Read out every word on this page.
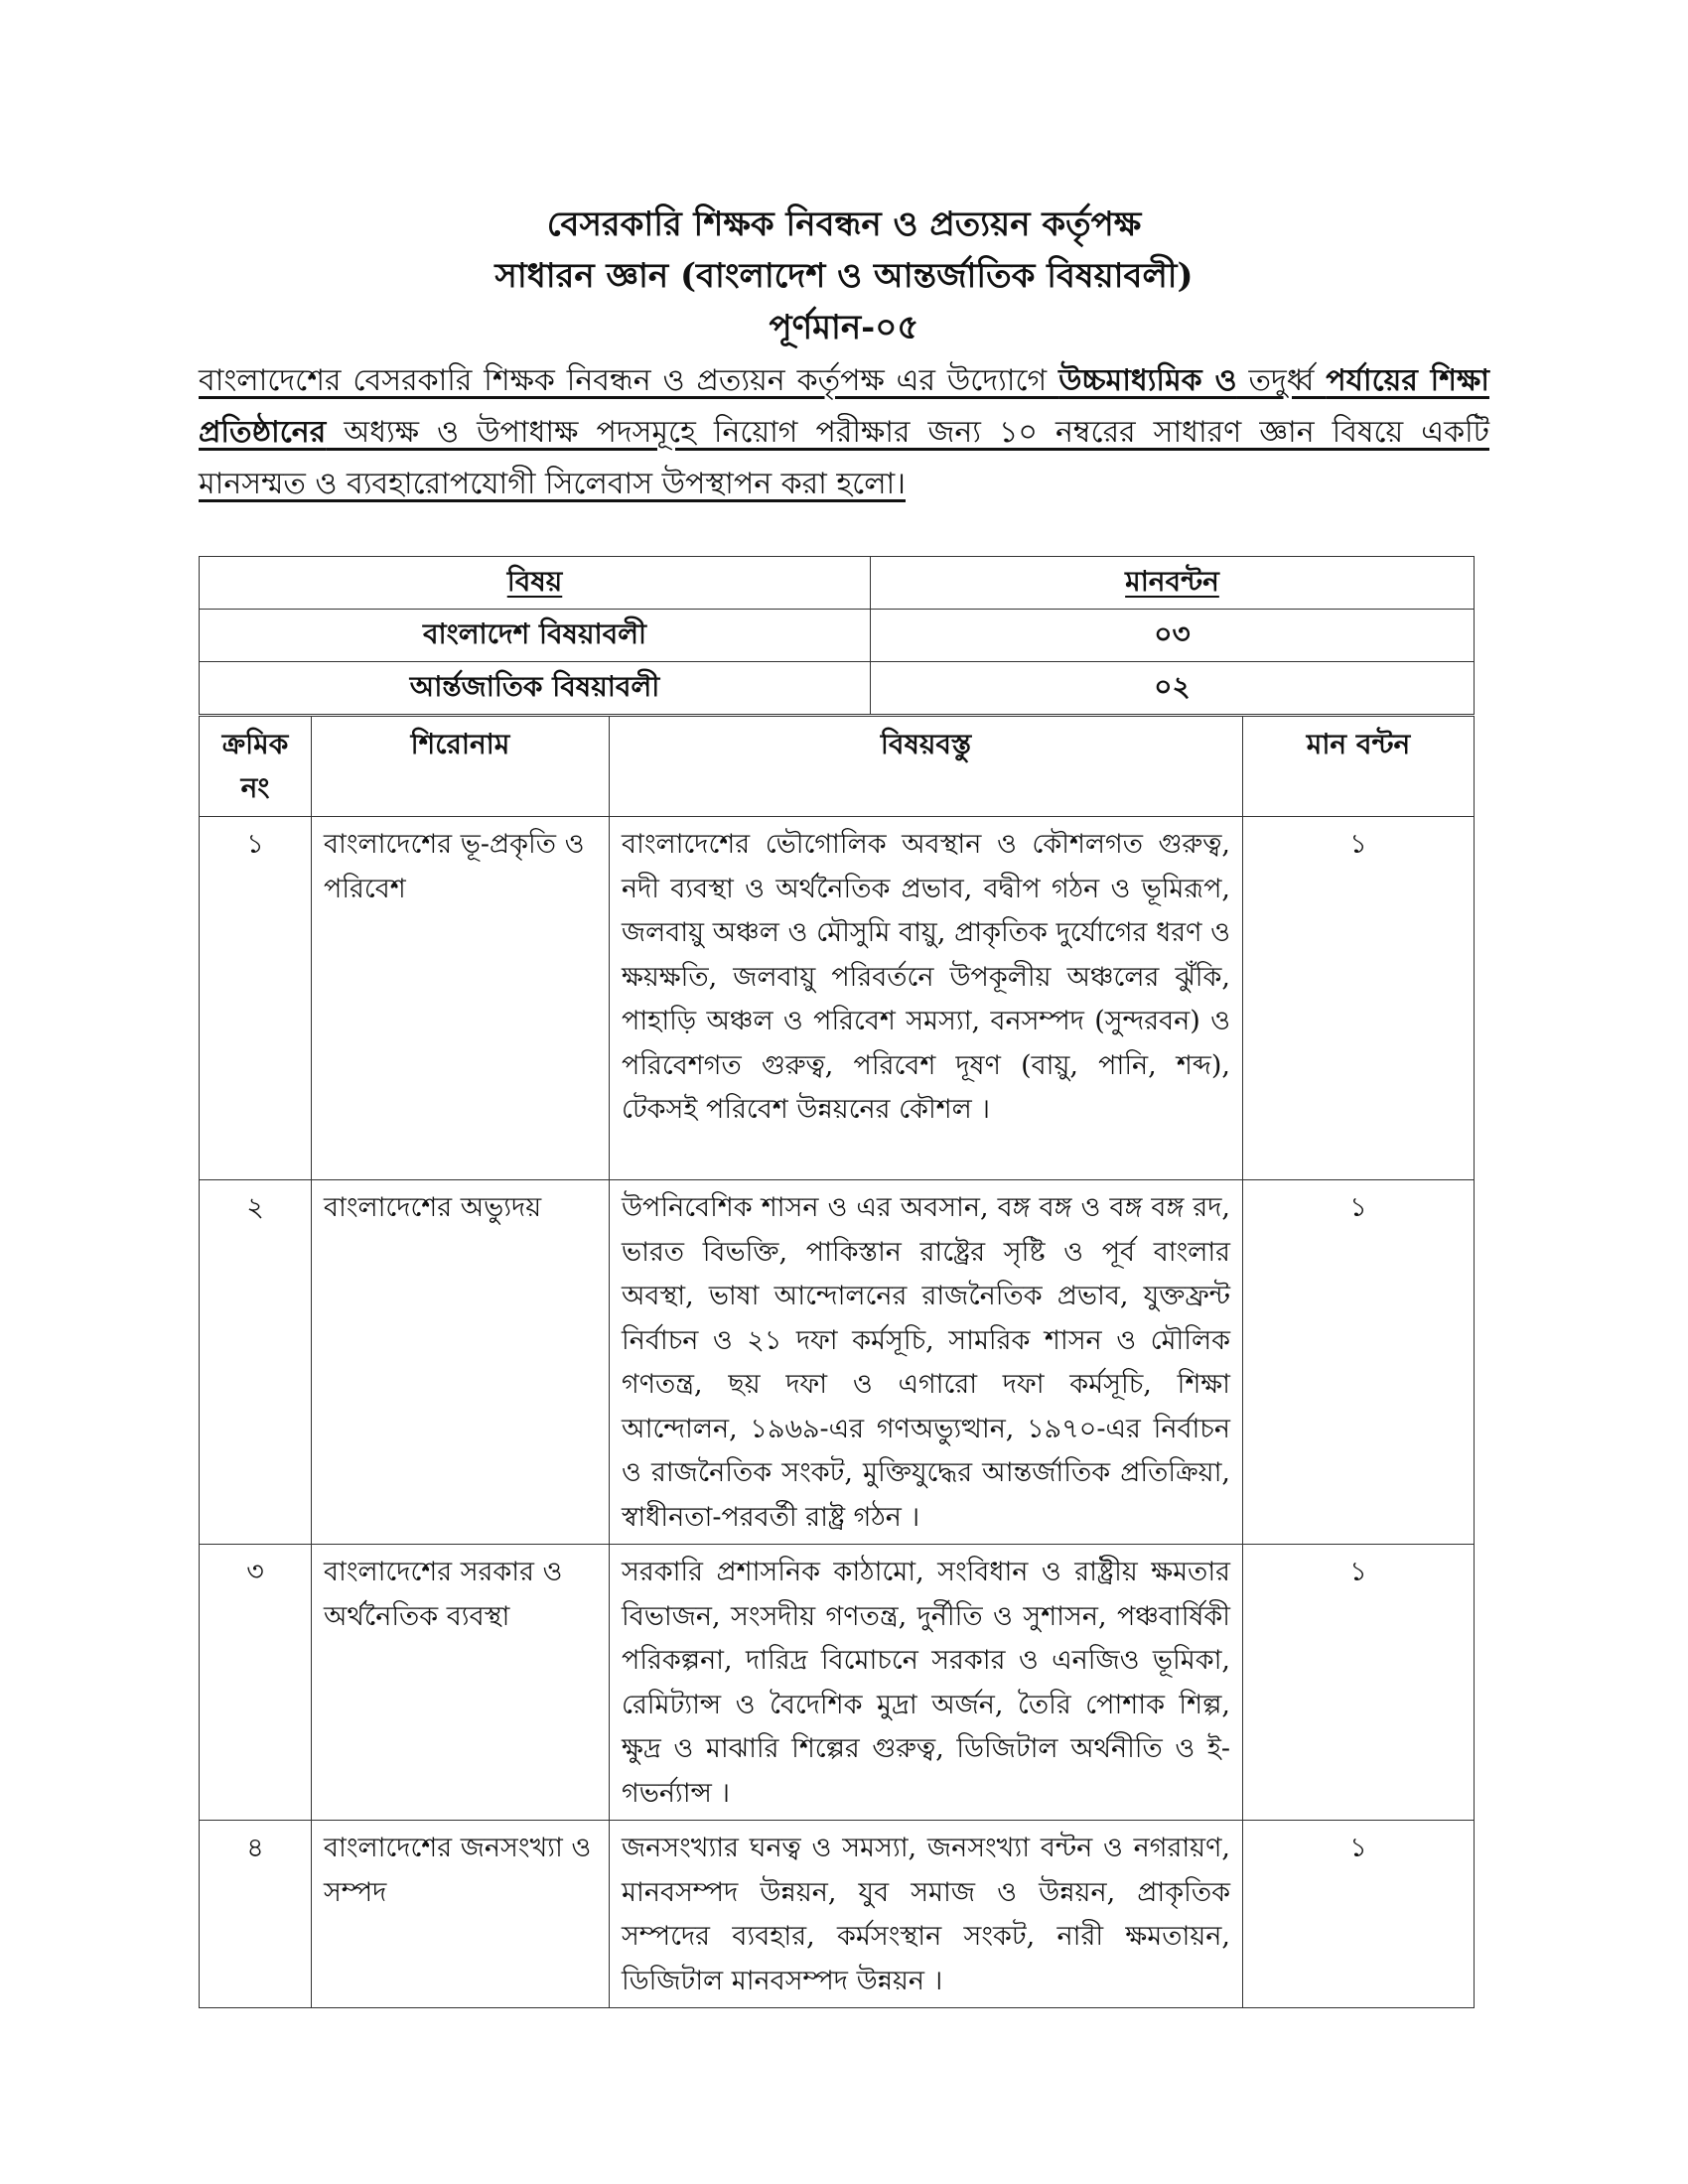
বেসরকারি শিক্ষক নিবন্ধন ও প্রত্যয়ন কর্তৃপক্ষ
সাধারন জ্ঞান (বাংলাদেশ ও আন্তর্জাতিক বিষয়াবলী)
পূর্ণমান-০৫
বাংলাদেশের বেসরকারি শিক্ষক নিবন্ধন ও প্রত্যয়ন কর্তৃপক্ষ এর উদ্যোগে উচ্চমাধ্যমিক ও তদুর্ধ্ব পর্যায়ের শিক্ষা প্রতিষ্ঠানের অধ্যক্ষ ও উপাধাক্ষ পদসমূহে নিয়োগ পরীক্ষার জন্য ১০ নম্বরের সাধারণ জ্ঞান বিষয়ে একটি মানসম্মত ও ব্যবহারোপযোগী সিলেবাস উপস্থাপন করা হলো।
বিষয়	মানবন্টন
বাংলাদেশ বিষয়াবলী	০৩
আর্ন্তজাতিক বিষয়াবলী	০২
ক্রমিক নং	শিরোনাম	বিষয়বস্তু	মান বন্টন
১	বাংলাদেশের ভূ-প্রকৃতি ও পরিবেশ	বাংলাদেশের ভৌগোলিক অবস্থান ও কৌশলগত গুরুত্ব, নদী ব্যবস্থা ও অর্থনৈতিক প্রভাব, বদ্বীপ গঠন ও ভূমিরূপ, জলবায়ু অঞ্চল ও মৌসুমি বায়ু, প্রাকৃতিক দুর্যোগের ধরণ ও ক্ষয়ক্ষতি, জলবায়ু পরিবর্তনে উপকূলীয় অঞ্চলের ঝুঁকি, পাহাড়ি অঞ্চল ও পরিবেশ সমস্যা, বনসম্পদ (সুন্দরবন) ও পরিবেশগত গুরুত্ব, পরিবেশ দূষণ (বায়ু, পানি, শব্দ), টেকসই পরিবেশ উন্নয়নের কৌশল ।	১
২	বাংলাদেশের অভ্যুদয়	উপনিবেশিক শাসন ও এর অবসান, বঙ্গ বঙ্গ ও বঙ্গ বঙ্গ রদ, ভারত বিভক্তি, পাকিস্তান রাষ্ট্রের সৃষ্টি ও পূর্ব বাংলার অবস্থা, ভাষা আন্দোলনের রাজনৈতিক প্রভাব, যুক্তফ্রন্ট নির্বাচন ও ২১ দফা কর্মসূচি, সামরিক শাসন ও মৌলিক গণতন্ত্র, ছয় দফা ও এগারো দফা কর্মসূচি, শিক্ষা আন্দোলন, ১৯৬৯-এর গণঅভ্যুত্থান, ১৯৭০-এর নির্বাচন ও রাজনৈতিক সংকট, মুক্তিযুদ্ধের আন্তর্জাতিক প্রতিক্রিয়া, স্বাধীনতা-পরবর্তী রাষ্ট্র গঠন ।	১
৩	বাংলাদেশের সরকার ও অর্থনৈতিক ব্যবস্থা	সরকারি প্রশাসনিক কাঠামো, সংবিধান ও রাষ্ট্রীয় ক্ষমতার বিভাজন, সংসদীয় গণতন্ত্র, দুর্নীতি ও সুশাসন, পঞ্চবার্ষিকী পরিকল্পনা, দারিদ্র বিমোচনে সরকার ও এনজিও ভূমিকা, রেমিট্যান্স ও বৈদেশিক মুদ্রা অর্জন, তৈরি পোশাক শিল্প, ক্ষুদ্র ও মাঝারি শিল্পের গুরুত্ব, ডিজিটাল অর্থনীতি ও ই-গভর্ন্যান্স ।	১
৪	বাংলাদেশের জনসংখ্যা ও সম্পদ	জনসংখ্যার ঘনত্ব ও সমস্যা, জনসংখ্যা বন্টন ও নগরায়ণ, মানবসম্পদ উন্নয়ন, যুব সমাজ ও উন্নয়ন, প্রাকৃতিক সম্পদের ব্যবহার, কর্মসংস্থান সংকট, নারী ক্ষমতায়ন, ডিজিটাল মানবসম্পদ উন্নয়ন ।	১
